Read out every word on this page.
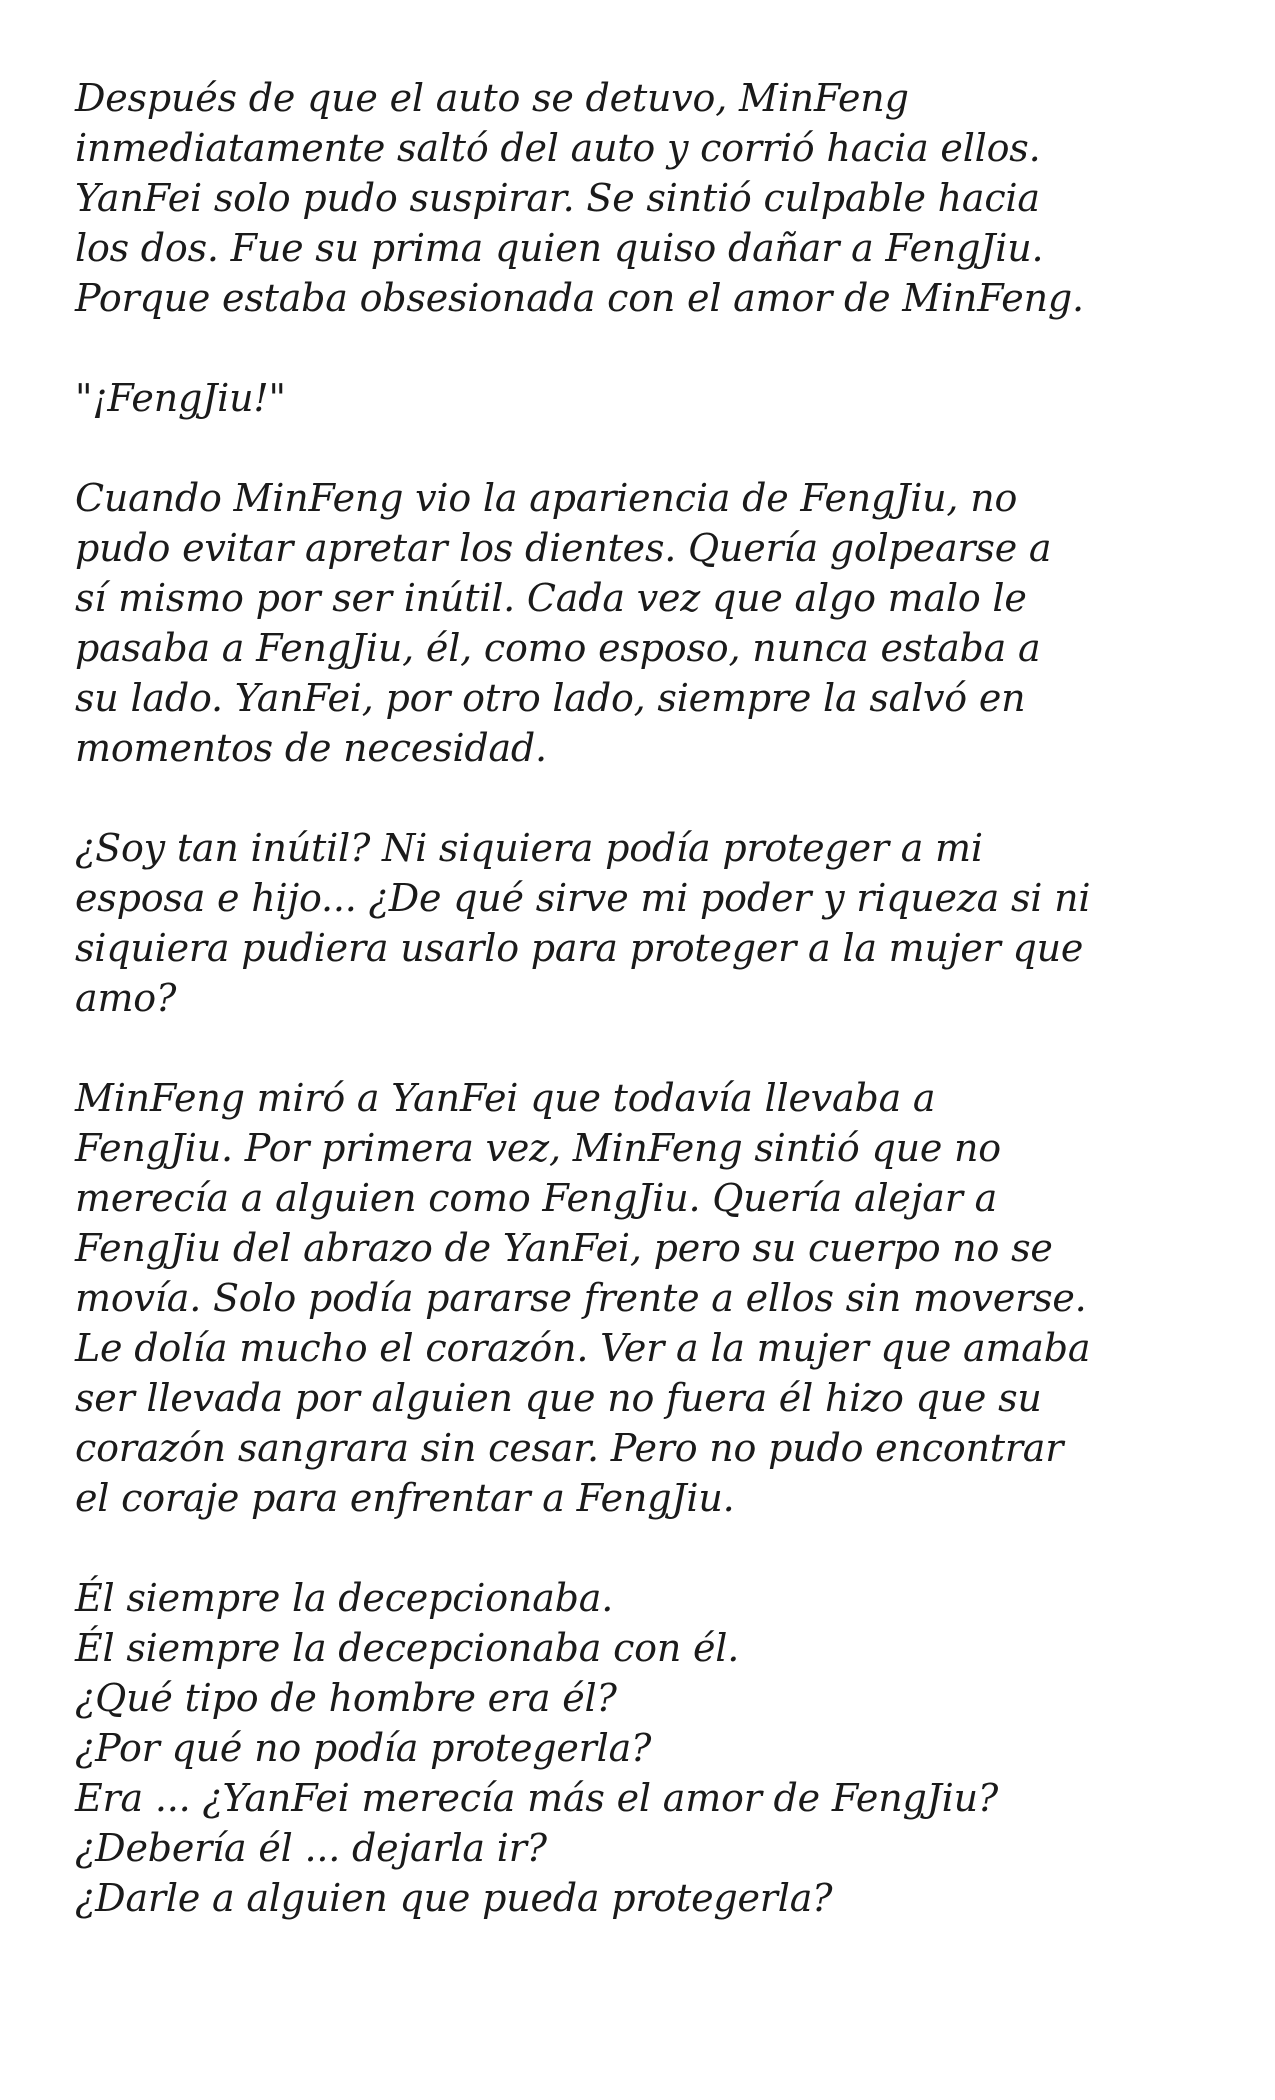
Después de que el auto se detuvo, MinFeng
inmediatamente saltó del auto y corrió hacia ellos.
YanFei solo pudo suspirar. Se sintió culpable hacia
los dos. Fue su prima quien quiso dañar a FengJiu.
Porque estaba obsesionada con el amor de MinFeng.

"¡FengJiu!"

Cuando MinFeng vio la apariencia de FengJiu, no
pudo evitar apretar los dientes. Quería golpearse a
sí mismo por ser inútil. Cada vez que algo malo le
pasaba a FengJiu, él, como esposo, nunca estaba a
su lado. YanFei, por otro lado, siempre la salvó en
momentos de necesidad.

¿Soy tan inútil? Ni siquiera podía proteger a mi
esposa e hijo... ¿De qué sirve mi poder y riqueza si ni
siquiera pudiera usarlo para proteger a la mujer que
amo?

MinFeng miró a YanFei que todavía llevaba a
FengJiu. Por primera vez, MinFeng sintió que no
merecía a alguien como FengJiu. Quería alejar a
FengJiu del abrazo de YanFei, pero su cuerpo no se
movía. Solo podía pararse frente a ellos sin moverse.
Le dolía mucho el corazón. Ver a la mujer que amaba
ser llevada por alguien que no fuera él hizo que su
corazón sangrara sin cesar. Pero no pudo encontrar
el coraje para enfrentar a FengJiu.

Él siempre la decepcionaba.
Él siempre la decepcionaba con él.
¿Qué tipo de hombre era él?
¿Por qué no podía protegerla?
Era ... ¿YanFei merecía más el amor de FengJiu?
¿Debería él ... dejarla ir?
¿Darle a alguien que pueda protegerla?
